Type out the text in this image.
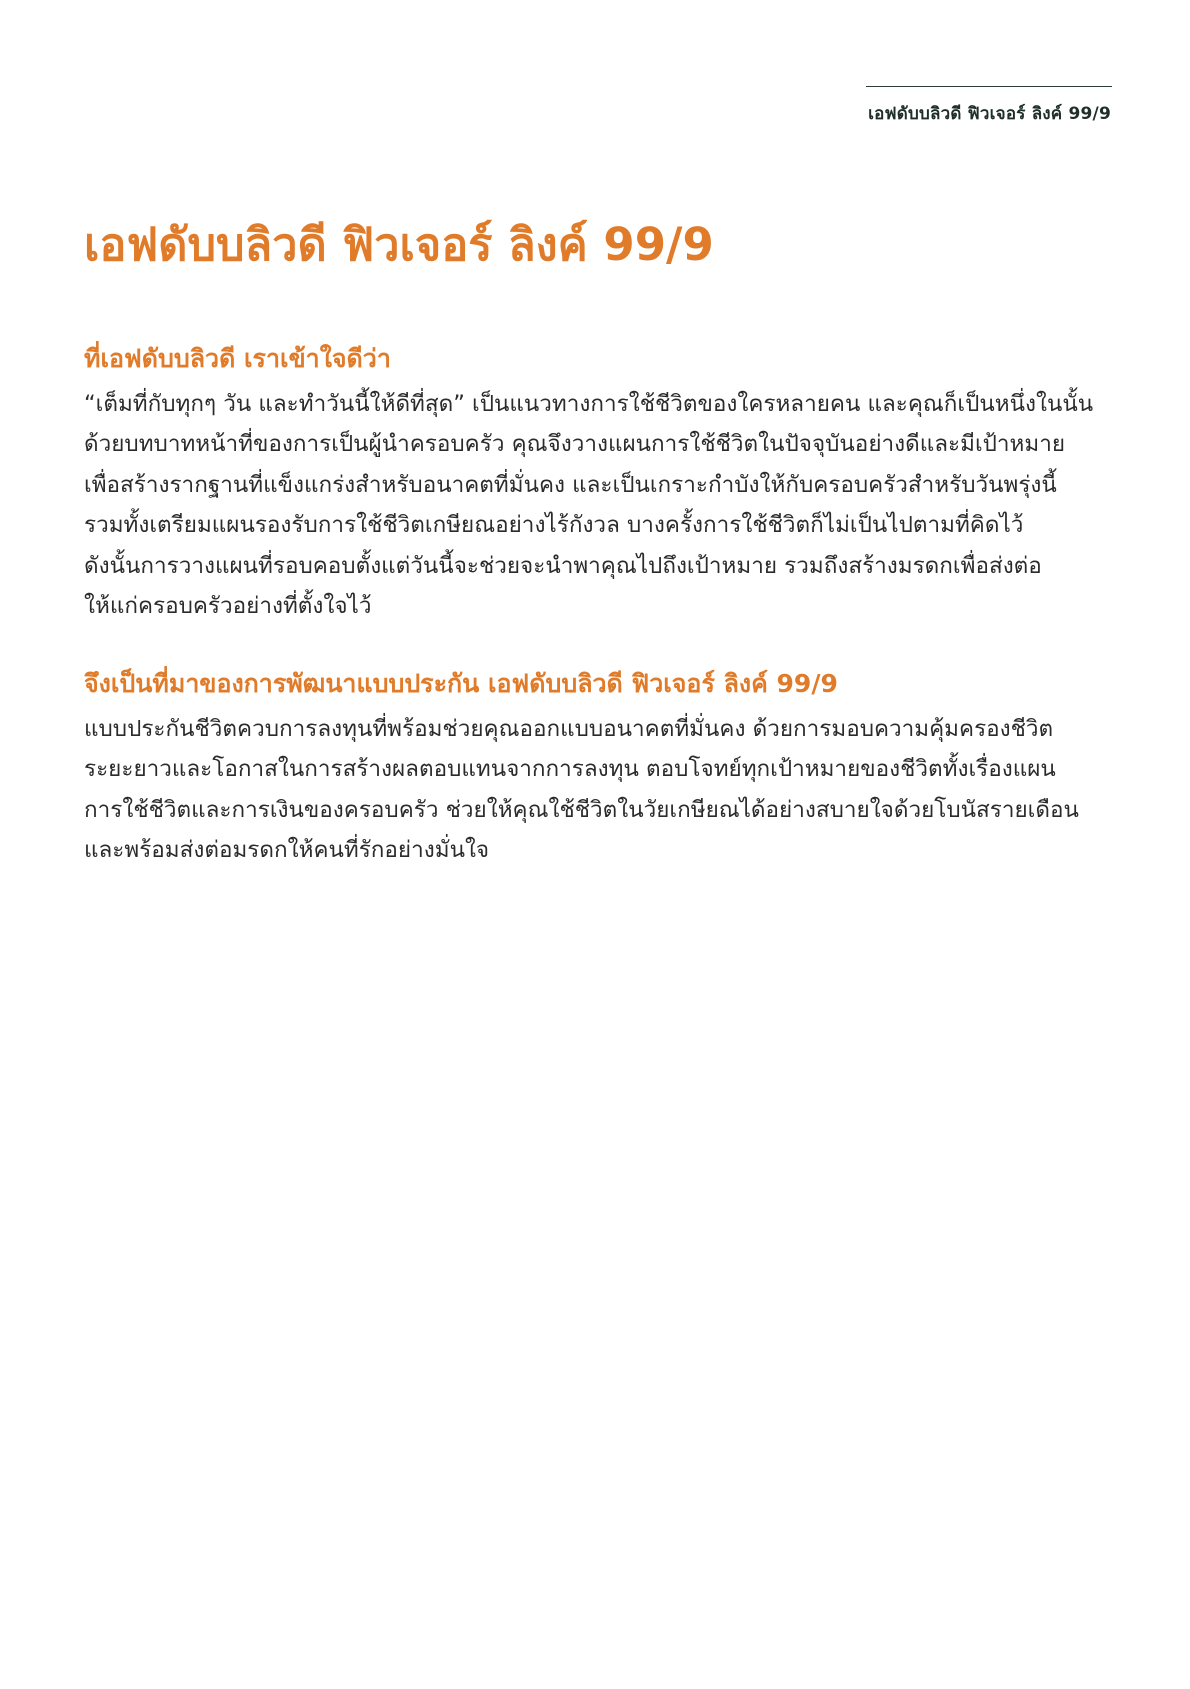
เอฟดับบลิวดี ฟิวเจอร์ ลิงค์ 99/9
เอฟดับบลิวดี ฟิวเจอร์ ลิงค์ 99/9
ที่เอฟดับบลิวดี เราเข้าใจดีว่า
“เต็มที่กับทุกๆ วัน และทำวันนี้ให้ดีที่สุด” เป็นแนวทางการใช้ชีวิตของใครหลายคน และคุณก็เป็นหนึ่งในนั้น
ด้วยบทบาทหน้าที่ของการเป็นผู้นำครอบครัว คุณจึงวางแผนการใช้ชีวิตในปัจจุบันอย่างดีและมีเป้าหมาย
เพื่อสร้างรากฐานที่แข็งแกร่งสำหรับอนาคตที่มั่นคง และเป็นเกราะกำบังให้กับครอบครัวสำหรับวันพรุ่งนี้
รวมทั้งเตรียมแผนรองรับการใช้ชีวิตเกษียณอย่างไร้กังวล บางครั้งการใช้ชีวิตก็ไม่เป็นไปตามที่คิดไว้
ดังนั้นการวางแผนที่รอบคอบตั้งแต่วันนี้จะช่วยจะนำพาคุณไปถึงเป้าหมาย รวมถึงสร้างมรดกเพื่อส่งต่อ
ให้แก่ครอบครัวอย่างที่ตั้งใจไว้
จึงเป็นที่มาของการพัฒนาแบบประกัน เอฟดับบลิวดี ฟิวเจอร์ ลิงค์ 99/9
แบบประกันชีวิตควบการลงทุนที่พร้อมช่วยคุณออกแบบอนาคตที่มั่นคง ด้วยการมอบความคุ้มครองชีวิต
ระยะยาวและโอกาสในการสร้างผลตอบแทนจากการลงทุน ตอบโจทย์ทุกเป้าหมายของชีวิตทั้งเรื่องแผน
การใช้ชีวิตและการเงินของครอบครัว ช่วยให้คุณใช้ชีวิตในวัยเกษียณได้อย่างสบายใจด้วยโบนัสรายเดือน
และพร้อมส่งต่อมรดกให้คนที่รักอย่างมั่นใจ
